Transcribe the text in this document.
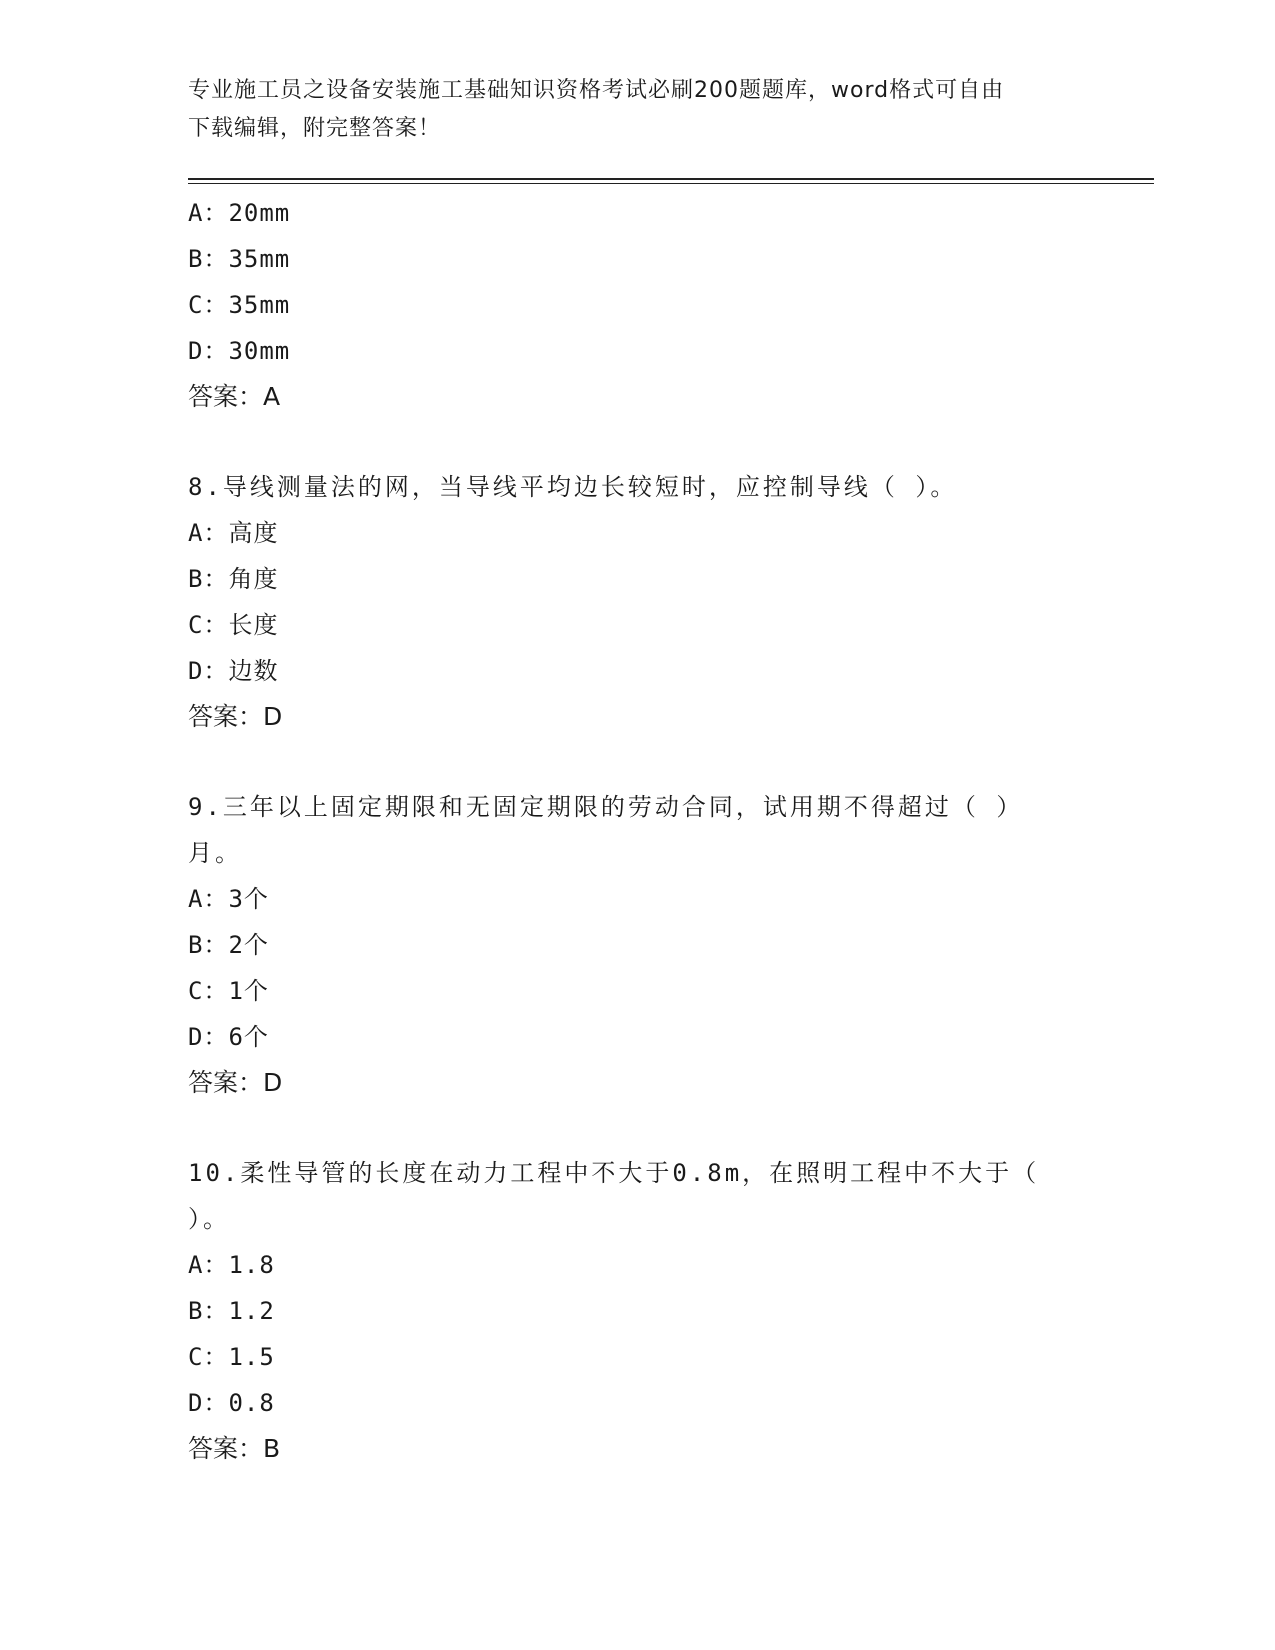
专业施工员之设备安装施工基础知识资格考试必刷200题题库，word格式可自由
下载编辑，附完整答案！
A：20mm
B：35mm
C：35mm
D：30mm
答案：A
8.导线测量法的网，当导线平均边长较短时，应控制导线（ ）。
A：高度
B：角度
C：长度
D：边数
答案：D
9.三年以上固定期限和无固定期限的劳动合同，试用期不得超过（ ）
月。
A：3个
B：2个
C：1个
D：6个
答案：D
10.柔性导管的长度在动力工程中不大于0.8m，在照明工程中不大于（
）。
A：1.8
B：1.2
C：1.5
D：0.8
答案：B
